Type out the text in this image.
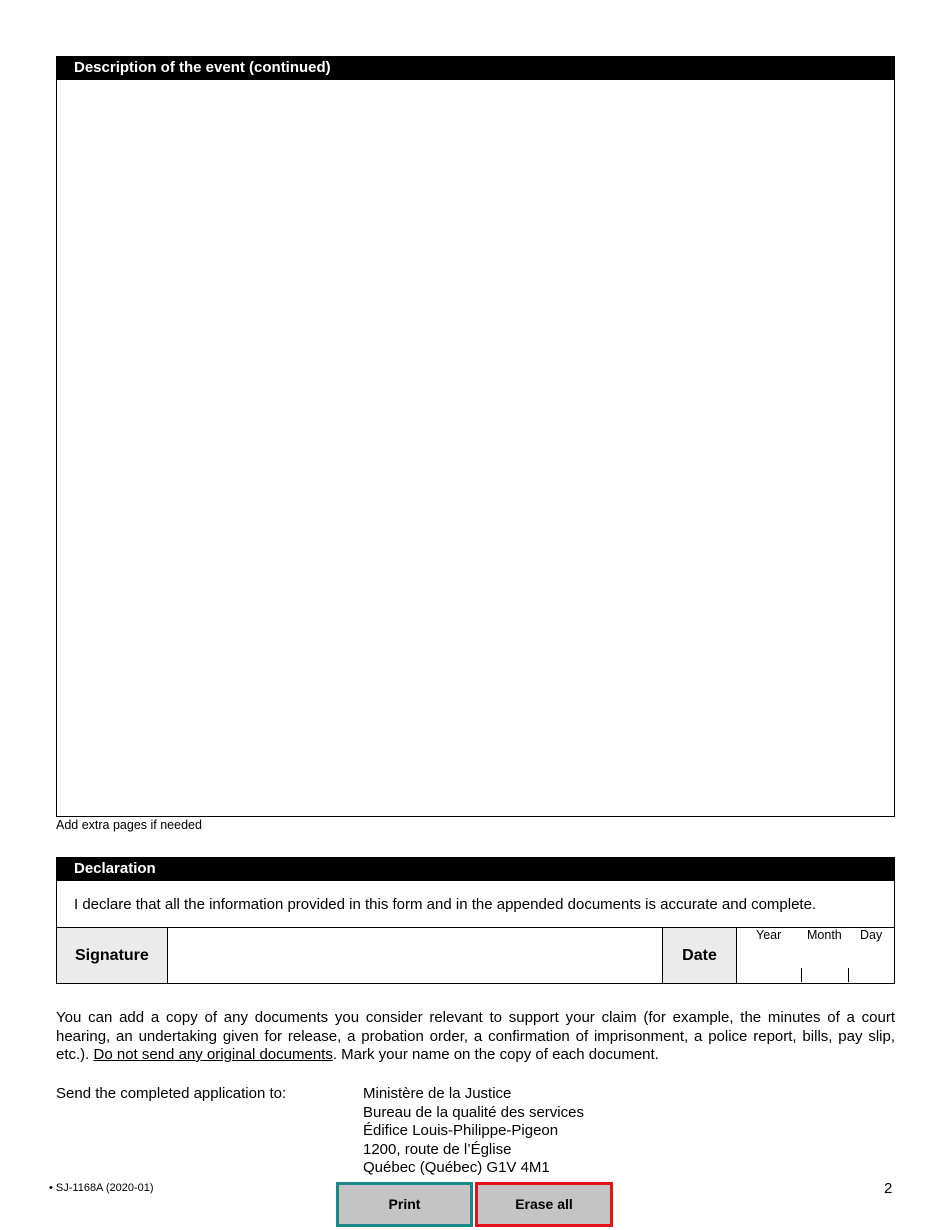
Description of the event (continued)
Add extra pages if needed
Declaration
I declare that all the information provided in this form and in the appended documents is accurate and complete.
Signature	Date
Year Month Day
You can add a copy of any documents you consider relevant to support your claim (for example, the minutes of a court hearing, an undertaking given for release, a probation order, a confirmation of imprisonment, a police report, bills, pay slip, etc.). Do not send any original documents. Mark your name on the copy of each document.
Send the completed application to:	Ministère de la Justice
Bureau de la qualité des services
Édifice Louis-Philippe-Pigeon
1200, route de l’Église
Québec (Québec) G1V 4M1
• SJ-1168A (2020-01)	2
Print	Erase all
